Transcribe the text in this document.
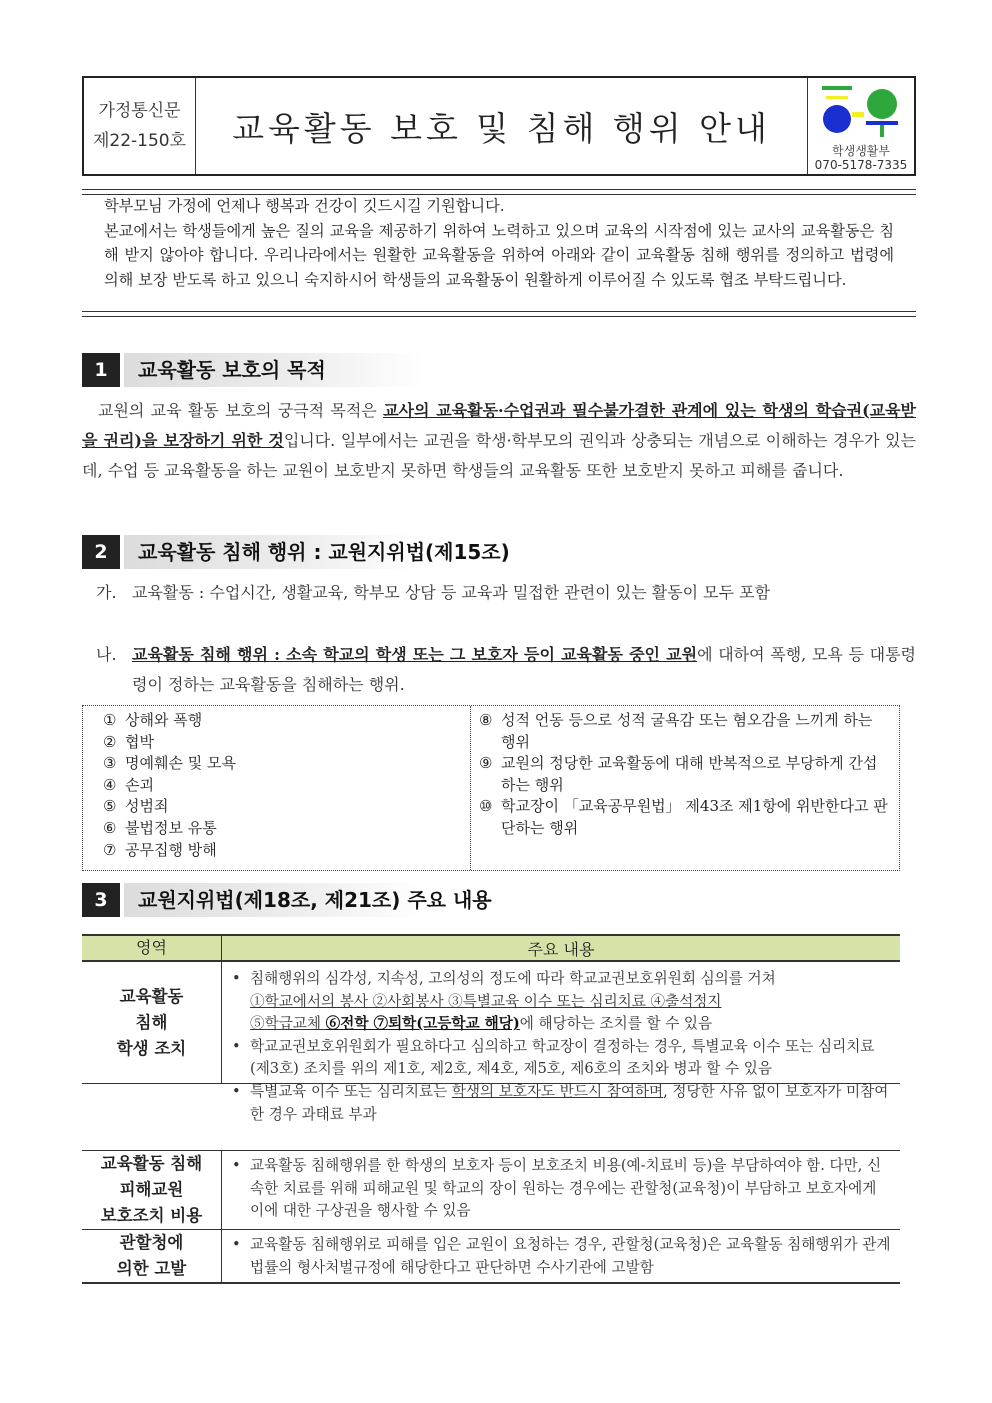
가정통신문
제22-150호	교육활동 보호 및 침해 행위 안내
학생생활부
070-5178-7335
학부모님 가정에 언제나 행복과 건강이 깃드시길 기원합니다.
본교에서는 학생들에게 높은 질의 교육을 제공하기 위하여 노력하고 있으며 교육의 시작점에 있는 교사의 교육활동은 침해 받지 않아야 합니다. 우리나라에서는 원활한 교육활동을 위하여 아래와 같이 교육활동 침해 행위를 정의하고 법령에 의해 보장 받도록 하고 있으니 숙지하시어 학생들의 교육활동이 원활하게 이루어질 수 있도록 협조 부탁드립니다.
1	교육활동 보호의 목적
교원의 교육 활동 보호의 궁극적 목적은 교사의 교육활동·수업권과 필수불가결한 관계에 있는 학생의 학습권(교육받을 권리)을 보장하기 위한 것입니다. 일부에서는 교권을 학생·학부모의 권익과 상충되는 개념으로 이해하는 경우가 있는데, 수업 등 교육활동을 하는 교원이 보호받지 못하면 학생들의 교육활동 또한 보호받지 못하고 피해를 줍니다.
2	교육활동 침해 행위 : 교원지위법(제15조)
가. 교육활동 : 수업시간, 생활교육, 학부모 상담 등 교육과 밀접한 관련이 있는 활동이 모두 포함
나. 교육활동 침해 행위 : 소속 학교의 학생 또는 그 보호자 등이 교육활동 중인 교원에 대하여 폭행, 모욕 등 대통령령이 정하는 교육활동을 침해하는 행위.
① 상해와 폭행
② 협박
③ 명예훼손 및 모욕
④ 손괴
⑤ 성범죄
⑥ 불법정보 유통
⑦ 공무집행 방해
⑧ 성적 언동 등으로 성적 굴욕감 또는 혐오감을 느끼게 하는 행위
⑨ 교원의 정당한 교육활동에 대해 반복적으로 부당하게 간섭하는 행위
⑩ 학교장이 「교육공무원법」 제43조 제1항에 위반한다고 판단하는 행위
3	교원지위법(제18조, 제21조) 주요 내용
영역	주요 내용
교육활동
침해
학생 조치
• 침해행위의 심각성, 지속성, 고의성의 정도에 따라 학교교권보호위원회 심의를 거쳐
①학교에서의 봉사 ②사회봉사 ③특별교육 이수 또는 심리치료 ④출석정지
⑤학급교체 ⑥전학 ⑦퇴학(고등학교 해당)에 해당하는 조치를 할 수 있음
• 학교교권보호위원회가 필요하다고 심의하고 학교장이 결정하는 경우, 특별교육 이수 또는 심리치료(제3호) 조치를 위의 제1호, 제2호, 제4호, 제5호, 제6호의 조치와 병과 할 수 있음
• 특별교육 이수 또는 심리치료는 학생의 보호자도 반드시 참여하며, 정당한 사유 없이 보호자가 미참여한 경우 과태료 부과
교육활동 침해
피해교원
보호조치 비용
• 교육활동 침해행위를 한 학생의 보호자 등이 보호조치 비용(예-치료비 등)을 부담하여야 함. 다만, 신속한 치료를 위해 피해교원 및 학교의 장이 원하는 경우에는 관할청(교육청)이 부담하고 보호자에게 이에 대한 구상권을 행사할 수 있음
관할청에
의한 고발
• 교육활동 침해행위로 피해를 입은 교원이 요청하는 경우, 관할청(교육청)은 교육활동 침해행위가 관계 법률의 형사처벌규정에 해당한다고 판단하면 수사기관에 고발함
